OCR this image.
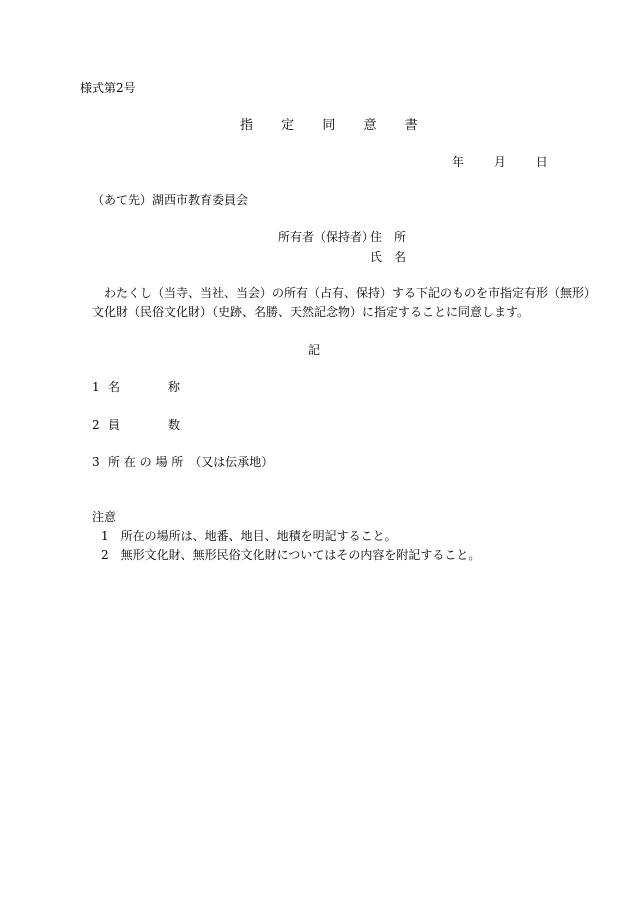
様式第2号
指 定 同 意 書
年 月 日
（あて先）湖西市教育委員会
所有者（保持者）
住　所
氏　名
わたくし（当寺、当社、当会）の所有（占有、保持）する下記のものを市指定有形（無形）
文化財（民俗文化財）（史跡、名勝、天然記念物）に指定することに同意します。
記
1 名　　　　称
2 員　　　　数
3 所 在 の 場 所　（又は伝承地）
注意
1　所在の場所は、地番、地目、地積を明記すること。
2　無形文化財、無形民俗文化財についてはその内容を附記すること。
